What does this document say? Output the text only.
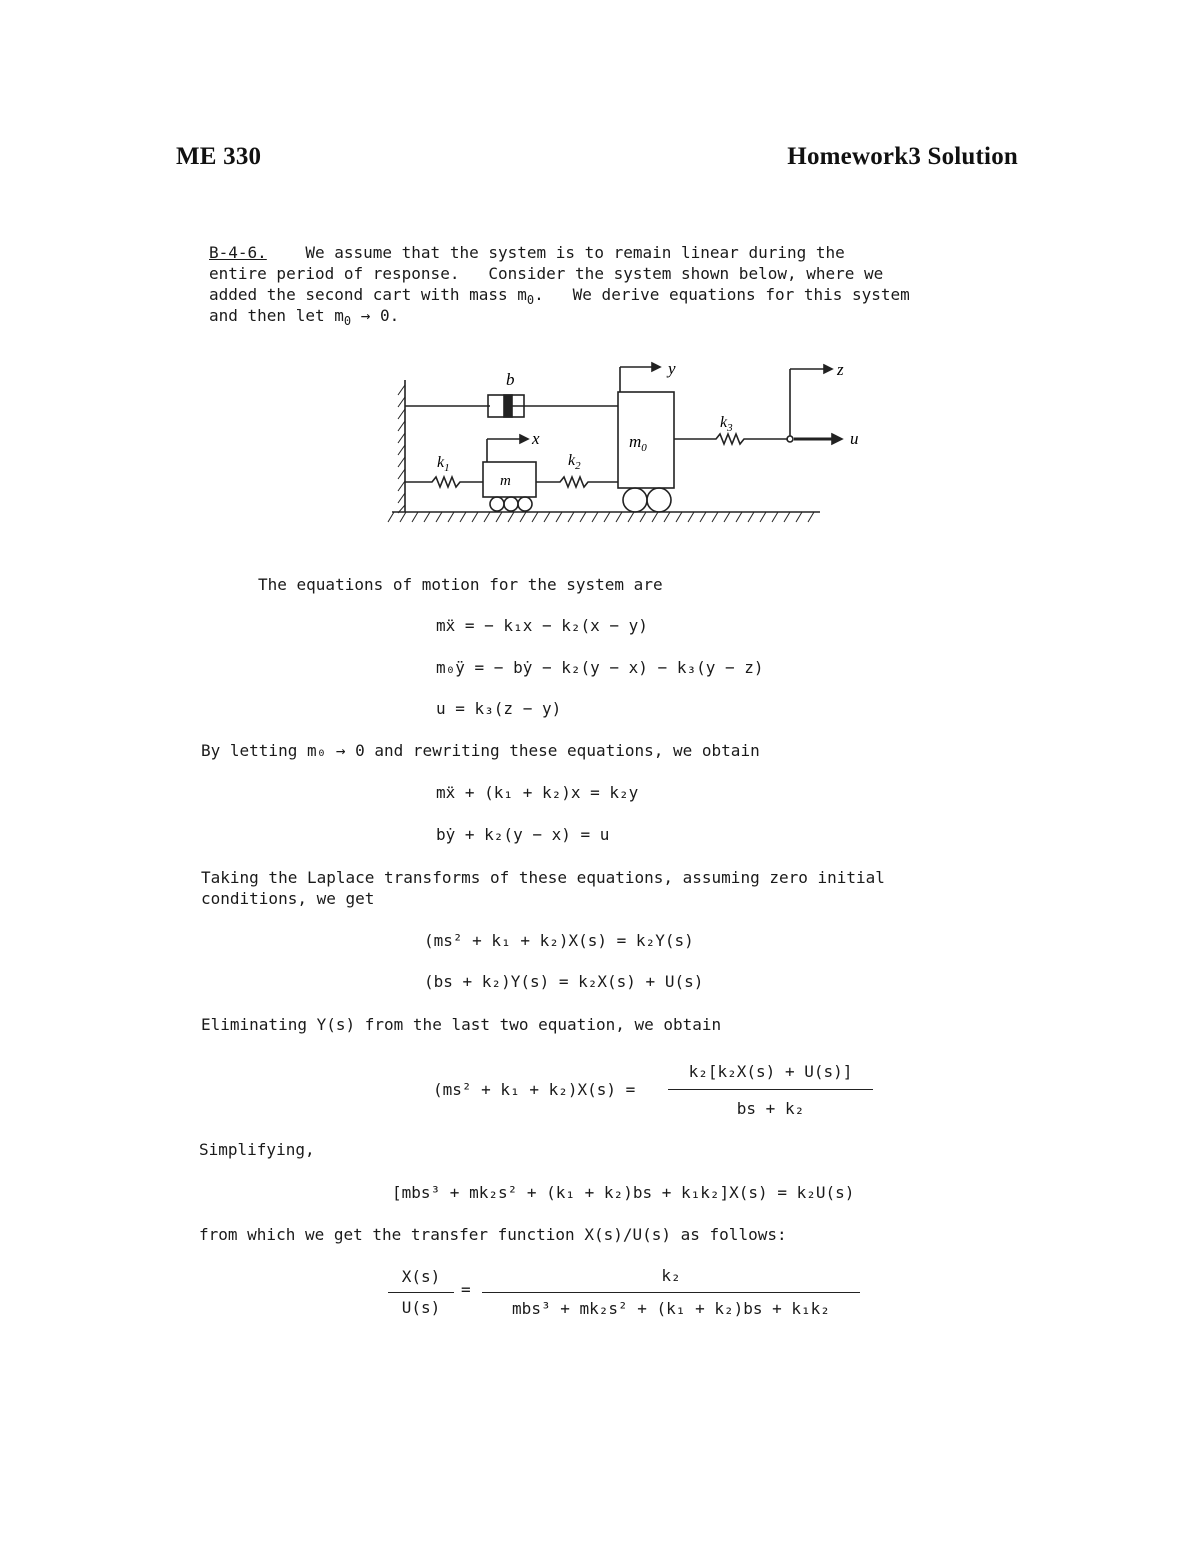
ME 330	Homework3 Solution
B-4-6. We assume that the system is to remain linear during the
entire period of response.   Consider the system shown below, where we
added the second cart with mass $m_0$.   We derive equations for this system
and then let $m_0 \to 0$.
b
y	z
u
x
$k_1$	$k_2$
$k_3$
$m_0$
m
The equations of motion for the system are
mẍ = − k₁x − k₂(x − y)
m₀ÿ = − bẏ − k₂(y − x) − k₃(y − z)
u = k₃(z − y)
By letting m₀ → 0 and rewriting these equations, we obtain
mẍ + (k₁ + k₂)x = k₂y
bẏ + k₂(y − x) = u
Taking the Laplace transforms of these equations, assuming zero initial
conditions, we get
(ms² + k₁ + k₂)X(s) = k₂Y(s)
(bs + k₂)Y(s) = k₂X(s) + U(s)
Eliminating Y(s) from the last two equation, we obtain
(ms² + k₁ + k₂)X(s) =
k₂[k₂X(s) + U(s)]
bs + k₂
Simplifying,
[mbs³ + mk₂s² + (k₁ + k₂)bs + k₁k₂]X(s) = k₂U(s)
from which we get the transfer function X(s)/U(s) as follows:
X(s)
U(s)
=
k₂
mbs³ + mk₂s² + (k₁ + k₂)bs + k₁k₂
